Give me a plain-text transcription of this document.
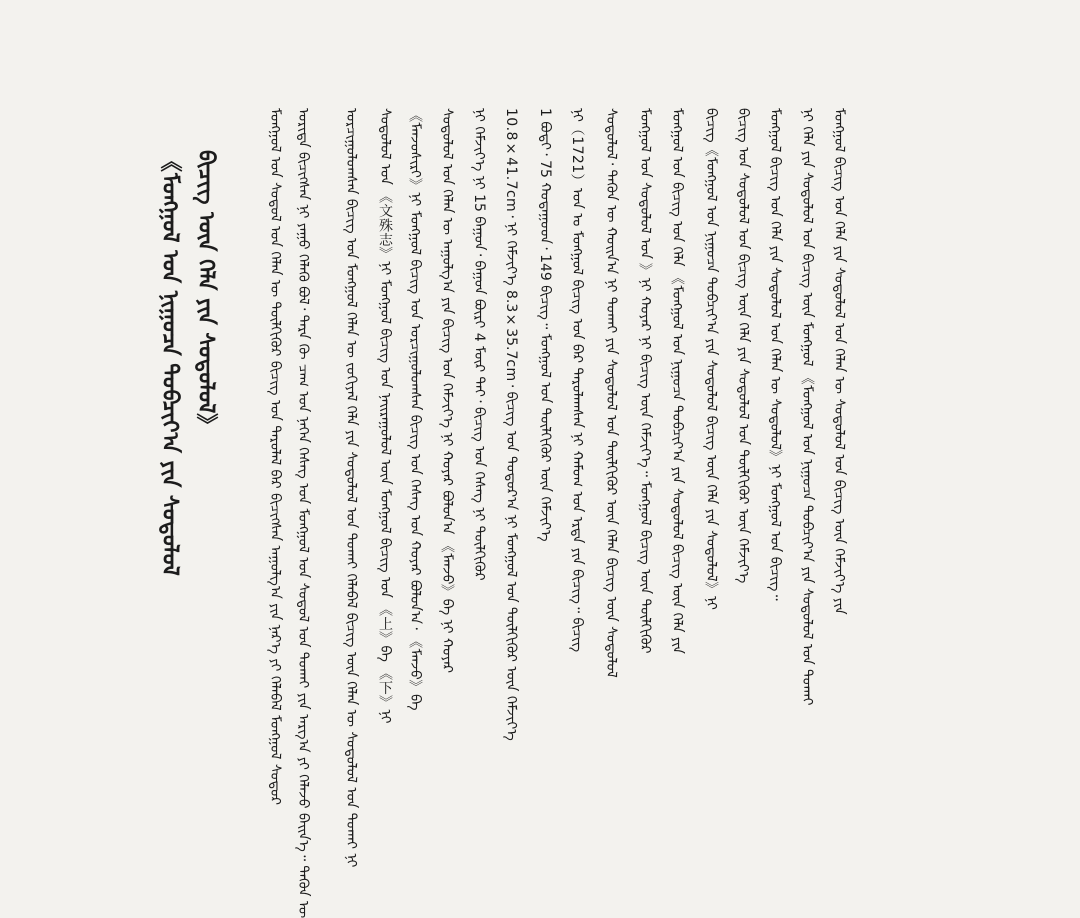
《ᠮᠣᠩᠭᠣᠯ ᠤᠨ ᠨᠢᠭᠤᠴᠠ ᠲᠣᠪᠴᠢᠶ᠎ᠠ ᠶᠢᠨ ᠰᠤᠳᠤᠯᠤᠯ ᠪᠢᠴᠢᠭ ᠦᠨ ᠬᠡᠯᠡ ᠶᠢᠨ ᠰᠤᠳᠤᠯᠤᠯ》	ᠮᠣᠩᠭᠣᠯ ᠤᠨ ᠰᠤᠳᠤᠯ ᠤᠨ ᠬᠡᠯᠡᠨ ᠦ ᠲᠦᠯᠬᠢᠭᠦᠷ ᠪᠢᠴᠢᠭ ᠤᠨ ᠳᠠᠷᠤᠯᠠᠯ ᠪᠡᠷ ᠪᠢᠴᠢᠭᠰᠡᠨ ᠠᠭᠤᠯᠭ᠎ᠠ ᠶᠢᠨ ᠨᠡᠷ᠎ᠡ ᠶᠢ ᠬᠡᠯᠡᠪᠡᠯ ᠮᠣᠩᠭᠣᠯ ᠰᠤᠳᠤᠷ ᠤᠷᠢᠳᠠ ᠪᠢᠴᠢᠭᠰᠡᠨ ᠨᠢ ᠶᠠᠭᠤ ᠬᠡᠯᠡᠬᠦ ᠪᠣᠯ᠂ ᠲᠡᠷᠡ ᠬᠦ ᠴᠠᠭ ᠤᠨ ᠨᠡᠭᠡᠨ ᠬᠡᠰᠡᠭ ᠤᠨ ᠮᠣᠩᠭᠣᠯ ᠤᠨ ᠰᠤᠳᠤᠯ ᠤᠨ ᠲᠤᠬᠠᠢ ᠶᠢᠨ ᠠᠷᠭ᠎ᠠ ᠶᠢ ᠬᠡᠯᠡᠵᠦ ᠪᠡᠢᠨ᠎ᠡ᠃ ᠲᠡᠭᠦᠨ ᠦ ᠣᠷᠴᠢᠭᠤᠯᠤᠭᠰᠠᠨ ᠪᠢᠴᠢᠭ ᠤᠨ ᠮᠣᠩᠭᠣᠯ ᠬᠡᠯᠡᠨ ᠦ ᠵᠣᠬᠢᠶᠠᠯ ᠬᠡᠯᠡ ᠶᠢᠨ ᠰᠤᠳᠤᠯᠤᠯ ᠤᠨ ᠲᠤᠬᠠᠢ ᠬᠡᠯᠡᠪᠡᠯ ᠪᠢᠴᠢᠭ ᠦᠨ ᠬᠡᠯᠡᠨ ᠦ ᠰᠤᠳᠤᠯᠤᠯ ᠤᠨ ᠲᠤᠬᠠᠢ ᠨᠢ ᠰᠤᠳᠤᠯᠤᠯ ᠤᠨ 《文殊志》ᠨᠢ ᠮᠣᠩᠭᠣᠯ ᠪᠢᠴᠢᠭ ᠤᠨ ᠨᠠᠢᠷᠠᠭᠤᠯᠤᠯ ᠦᠨ ᠮᠣᠩᠭᠣᠯ ᠪᠢᠴᠢᠭ ᠤᠨ 《上》ᠪᠠ 《下》ᠨᠢ 《ᠮᠠᠨᠵᠤᠱᠢᠷᠢ》ᠨᠢ ᠮᠣᠩᠭᠣᠯ ᠪᠢᠴᠢᠭ ᠤᠨ ᠣᠷᠴᠢᠭᠤᠯᠤᠭᠰᠠᠨ ᠪᠢᠴᠢᠭ ᠤᠨ ᠬᠡᠰᠡᠭ ᠤᠨ ᠬᠣᠶᠠᠷ ᠪᠣᠯᠤᠨ᠎ᠠ᠂ 《ᠮᠠᠨᠵᠤ》ᠪᠠ ᠰᠤᠳᠤᠯᠤᠯ ᠤᠨ ᠬᠡᠯᠡᠨ ᠦ ᠠᠭᠤᠯᠭ᠎ᠠ ᠶᠢᠨ ᠪᠢᠴᠢᠭ ᠤᠨ ᠬᠡᠮᠵᠢᠶ᠎ᠡ ᠨᠢ ᠬᠣᠶᠠᠷ ᠪᠣᠯᠤᠨ᠎ᠠ 《ᠮᠠᠨᠵᠤ》ᠪᠠ ᠨᠢ ᠬᠣᠶᠠᠷ ᠨᠢ ᠬᠡᠮᠵᠢᠶ᠎ᠡ ᠨᠢ 15 ᠪᠠᠭᠤᠨ᠂ ᠪᠠᠭᠤᠨ ᠪᠦᠷᠢ 4 ᠮᠦᠷ ᠲᠡᠢ᠂ ᠪᠢᠴᠢᠭ ᠤᠨ ᠬᠡᠰᠡᠭ ᠨᠢ ᠲᠦᠯᠬᠢᠭᠦᠷ 10.8×41.7cm᠂ ᠨᠢ ᠬᠡᠮᠵᠢᠶ᠎ᠡ 8.3×35.7cm᠂ ᠪᠢᠴᠢᠭ ᠤᠨ ᠳᠣᠲᠣᠷ᠎ᠠ ᠨᠢ ᠮᠣᠩᠭᠣᠯ ᠤᠨ ᠲᠦᠯᠬᠢᠭᠦᠷ ᠦᠨ ᠬᠡᠮᠵᠢᠶ᠎ᠡ 1 ᠪᠣᠳᠢ᠂ 75 ᠬᠤᠳᠠᠭᠤᠳ᠂ 149 ᠪᠢᠴᠢᠭ᠃ ᠮᠣᠩᠭᠣᠯ ᠤᠨ ᠲᠦᠯᠬᠢᠭᠦᠷ ᠦᠨ ᠬᠡᠮᠵᠢᠶ᠎ᠡ ᠨᠢ（1721）ᠣᠨ ᠤ ᠮᠣᠩᠭᠣᠯ ᠪᠢᠴᠢᠭ ᠤᠨ ᠪᠠᠷ ᠳᠠᠷᠤᠯᠠᠭᠰᠠᠨ ᠨᠢ ᠬᠠᠮᠤᠭ ᠤᠨ ᠡᠷᠲᠡ ᠶᠢᠨ ᠪᠢᠴᠢᠭ᠃ ᠪᠢᠴᠢᠭ ᠰᠤᠳᠤᠯᠤᠯ᠂ ᠲᠡᠭᠦᠨ ᠦ ᠬᠣᠢᠨ᠎ᠠ ᠨᠢ ᠲᠤᠬᠠᠢ ᠶᠢᠨ ᠰᠤᠳᠤᠯᠤᠯ ᠤᠨ ᠲᠦᠯᠬᠢᠭᠦᠷ ᠦᠨ ᠬᠡᠯᠡᠨ ᠪᠢᠴᠢᠭ ᠦᠨ ᠰᠤᠳᠤᠯᠤᠯ ᠮᠣᠩᠭᠣᠯ ᠤᠨ ᠰᠤᠳᠤᠯᠤᠯ ᠤᠨ 》ᠨᠢ ᠬᠣᠶᠠᠷ ᠨᠢ ᠪᠢᠴᠢᠭ ᠦᠨ ᠬᠡᠮᠵᠢᠶ᠎ᠡ᠃ ᠮᠣᠩᠭᠣᠯ ᠪᠢᠴᠢᠭ ᠦᠨ ᠲᠦᠯᠬᠢᠭᠦᠷ ᠮᠣᠩᠭᠣᠯ ᠤᠨ ᠪᠢᠴᠢᠭ ᠤᠨ ᠬᠡᠯᠡ 《ᠮᠣᠩᠭᠣᠯ ᠤᠨ ᠨᠢᠭᠤᠴᠠ ᠲᠣᠪᠴᠢᠶ᠎ᠠ ᠶᠢᠨ ᠰᠤᠳᠤᠯᠤᠯ ᠪᠢᠴᠢᠭ ᠦᠨ ᠬᠡᠯᠡ ᠶᠢᠨ ᠪᠢᠴᠢᠭ《ᠮᠣᠩᠭᠣᠯ ᠤᠨ ᠨᠢᠭᠤᠴᠠ ᠲᠣᠪᠴᠢᠶ᠎ᠠ ᠶᠢᠨ ᠰᠤᠳᠤᠯᠤᠯ ᠪᠢᠴᠢᠭ ᠦᠨ ᠬᠡᠯᠡ ᠶᠢᠨ ᠰᠤᠳᠤᠯᠤᠯ》ᠨᠢ ᠪᠢᠴᠢᠭ ᠤᠨ ᠰᠤᠳᠤᠯᠤᠯ ᠤᠨ ᠪᠢᠴᠢᠭ ᠦᠨ ᠬᠡᠯᠡ ᠶᠢᠨ ᠰᠤᠳᠤᠯᠤᠯ ᠤᠨ ᠲᠦᠯᠬᠢᠭᠦᠷ ᠦᠨ ᠬᠡᠮᠵᠢᠶ᠎ᠡ ᠮᠣᠩᠭᠣᠯ ᠪᠢᠴᠢᠭ ᠤᠨ ᠬᠡᠯᠡ ᠶᠢᠨ ᠰᠤᠳᠤᠯᠤᠯ ᠤᠨ ᠬᠡᠯᠡᠨ ᠦ ᠰᠤᠳᠤᠯᠤᠯ》ᠨᠢ ᠮᠣᠩᠭᠣᠯ ᠤᠨ ᠪᠢᠴᠢᠭ᠃ ᠨᠢ ᠬᠡᠯᠡ ᠶᠢᠨ ᠰᠤᠳᠤᠯᠤᠯ ᠤᠨ ᠪᠢᠴᠢᠭ ᠦᠨ ᠮᠣᠩᠭᠣᠯ 《ᠮᠣᠩᠭᠣᠯ ᠤᠨ ᠨᠢᠭᠤᠴᠠ ᠲᠣᠪᠴᠢᠶ᠎ᠠ ᠶᠢᠨ ᠰᠤᠳᠤᠯᠤᠯ ᠤᠨ ᠲᠤᠬᠠᠢ ᠮᠣᠩᠭᠣᠯ ᠪᠢᠴᠢᠭ ᠤᠨ ᠬᠡᠯᠡ ᠶᠢᠨ ᠰᠤᠳᠤᠯᠤᠯ ᠤᠨ ᠬᠡᠯᠡᠨ ᠦ ᠰᠤᠳᠤᠯᠤᠯ ᠤᠨ ᠪᠢᠴᠢᠭ ᠦᠨ ᠬᠡᠮᠵᠢᠶ᠎ᠡ ᠶᠢᠨ
